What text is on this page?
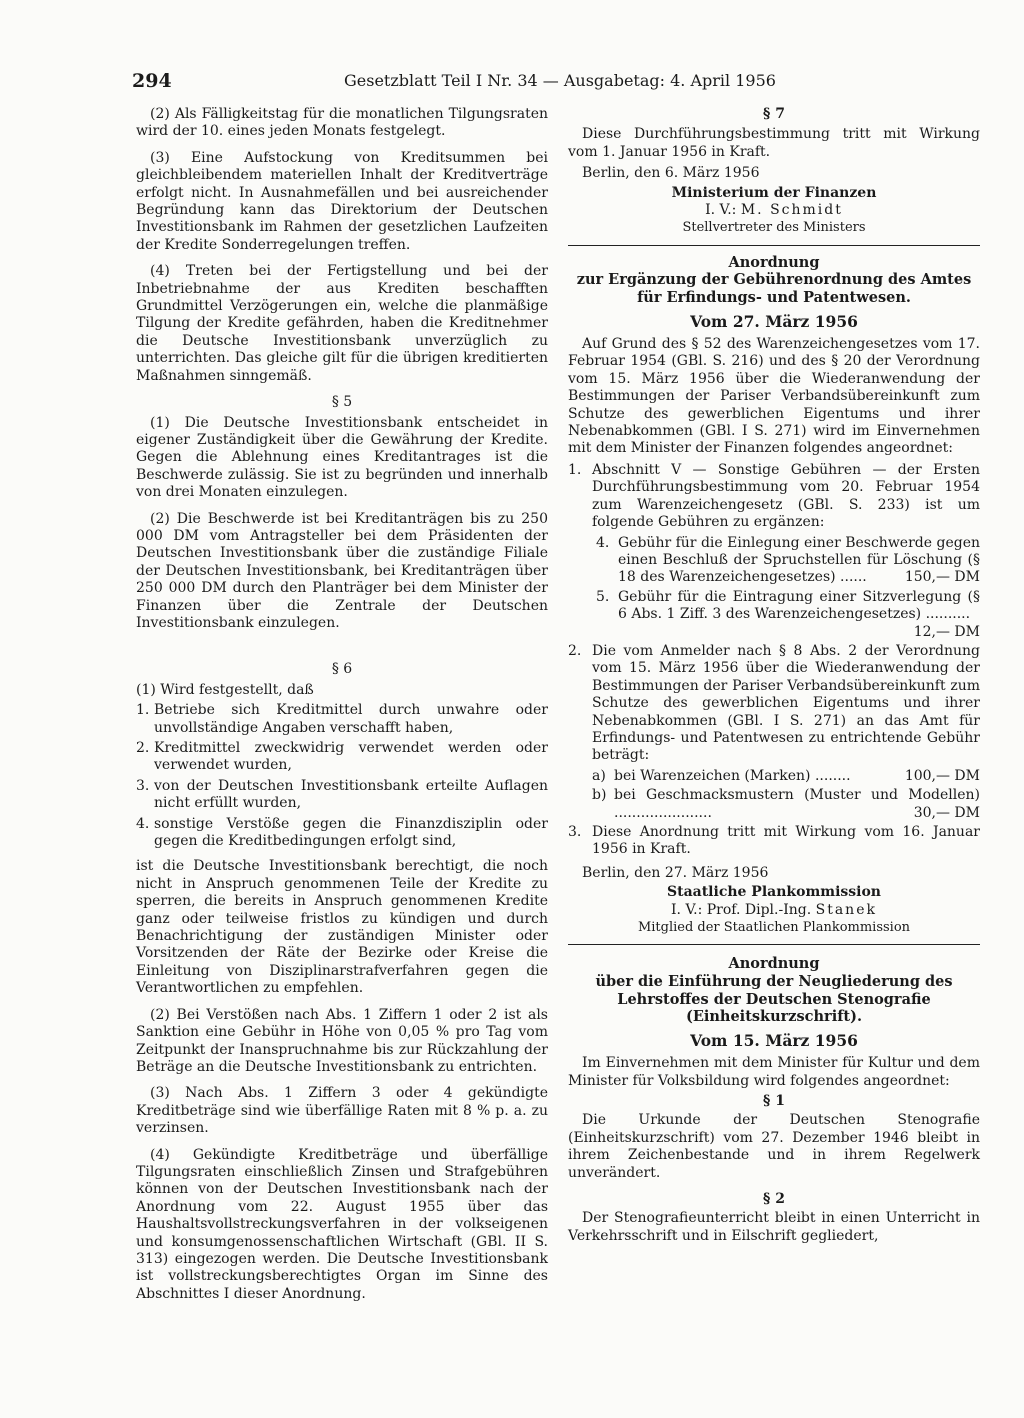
294	Gesetzblatt Teil I Nr. 34 — Ausgabetag: 4. April 1956

(2) Als Fälligkeitstag für die monatlichen Tilgungsraten wird der 10. eines jeden Monats festgelegt.

(3) Eine Aufstockung von Kreditsummen bei gleichbleibendem materiellen Inhalt der Kreditverträge erfolgt nicht. In Ausnahmefällen und bei ausreichender Begründung kann das Direktorium der Deutschen Investitionsbank im Rahmen der gesetzlichen Laufzeiten der Kredite Sonderregelungen treffen.

(4) Treten bei der Fertigstellung und bei der Inbetriebnahme der aus Krediten beschafften Grundmittel Verzögerungen ein, welche die planmäßige Tilgung der Kredite gefährden, haben die Kreditnehmer die Deutsche Investitionsbank unverzüglich zu unterrichten. Das gleiche gilt für die übrigen kreditierten Maßnahmen sinngemäß.

§ 5

(1) Die Deutsche Investitionsbank entscheidet in eigener Zuständigkeit über die Gewährung der Kredite. Gegen die Ablehnung eines Kreditantrages ist die Beschwerde zulässig. Sie ist zu begründen und innerhalb von drei Monaten einzulegen.

(2) Die Beschwerde ist bei Kreditanträgen bis zu 250 000 DM vom Antragsteller bei dem Präsidenten der Deutschen Investitionsbank über die zuständige Filiale der Deutschen Investitionsbank, bei Kreditanträgen über 250 000 DM durch den Planträger bei dem Minister der Finanzen über die Zentrale der Deutschen Investitionsbank einzulegen.

§ 6

(1) Wird festgestellt, daß

1. Betriebe sich Kreditmittel durch unwahre oder unvollständige Angaben verschafft haben,
2. Kreditmittel zweckwidrig verwendet werden oder verwendet wurden,
3. von der Deutschen Investitionsbank erteilte Auflagen nicht erfüllt wurden,
4. sonstige Verstöße gegen die Finanzdisziplin oder gegen die Kreditbedingungen erfolgt sind,

ist die Deutsche Investitionsbank berechtigt, die noch nicht in Anspruch genommenen Teile der Kredite zu sperren, die bereits in Anspruch genommenen Kredite ganz oder teilweise fristlos zu kündigen und durch Benachrichtigung der zuständigen Minister oder Vorsitzenden der Räte der Bezirke oder Kreise die Einleitung von Disziplinarstrafverfahren gegen die Verantwortlichen zu empfehlen.

(2) Bei Verstößen nach Abs. 1 Ziffern 1 oder 2 ist als Sanktion eine Gebühr in Höhe von 0,05 % pro Tag vom Zeitpunkt der Inanspruchnahme bis zur Rückzahlung der Beträge an die Deutsche Investitionsbank zu entrichten.

(3) Nach Abs. 1 Ziffern 3 oder 4 gekündigte Kreditbeträge sind wie überfällige Raten mit 8 % p. a. zu verzinsen.

(4) Gekündigte Kreditbeträge und überfällige Tilgungsraten einschließlich Zinsen und Strafgebühren können von der Deutschen Investitionsbank nach der Anordnung vom 22. August 1955 über das Haushaltsvollstreckungsverfahren in der volkseigenen und konsumgenossenschaftlichen Wirtschaft (GBl. II S. 313) eingezogen werden. Die Deutsche Investitionsbank ist vollstreckungsberechtigtes Organ im Sinne des Abschnittes I dieser Anordnung.

§ 7

Diese Durchführungsbestimmung tritt mit Wirkung vom 1. Januar 1956 in Kraft.

Berlin, den 6. März 1956

Ministerium der Finanzen

I. V.: M. Schmidt

Stellvertreter des Ministers

Anordnung

zur Ergänzung der Gebührenordnung des Amtes für Erfindungs- und Patentwesen.

Vom 27. März 1956

Auf Grund des § 52 des Warenzeichengesetzes vom 17. Februar 1954 (GBl. S. 216) und des § 20 der Verordnung vom 15. März 1956 über die Wiederanwendung der Bestimmungen der Pariser Verbandsübereinkunft zum Schutze des gewerblichen Eigentums und ihrer Nebenabkommen (GBl. I S. 271) wird im Einvernehmen mit dem Minister der Finanzen folgendes angeordnet:

1. Abschnitt V — Sonstige Gebühren — der Ersten Durchführungsbestimmung vom 20. Februar 1954 zum Warenzeichengesetz (GBl. S. 233) ist um folgende Gebühren zu ergänzen:
4. Gebühr für die Einlegung einer Beschwerde gegen einen Beschluß der Spruchstellen für Löschung (§ 18 des Warenzeichengesetzes) ......	150,— DM
5. Gebühr für die Eintragung einer Sitzverlegung (§ 6 Abs. 1 Ziff. 3 des Warenzeichengesetzes) ..........
12,— DM
2. Die vom Anmelder nach § 8 Abs. 2 der Verordnung vom 15. März 1956 über die Wiederanwendung der Bestimmungen der Pariser Verbandsübereinkunft zum Schutze des gewerblichen Eigentums und ihrer Nebenabkommen (GBl. I S. 271) an das Amt für Erfindungs- und Patentwesen zu entrichtende Gebühr beträgt:
a) bei Warenzeichen (Marken) ........	100,— DM
b) bei Geschmacksmustern (Muster und Modellen) ......................	30,— DM
3. Diese Anordnung tritt mit Wirkung vom 16. Januar 1956 in Kraft.

Berlin, den 27. März 1956

Staatliche Plankommission

I. V.: Prof. Dipl.-Ing. Stanek

Mitglied der Staatlichen Plankommission

Anordnung

über die Einführung der Neugliederung des Lehrstoffes der Deutschen Stenografie (Einheitskurzschrift).

Vom 15. März 1956

Im Einvernehmen mit dem Minister für Kultur und dem Minister für Volksbildung wird folgendes angeordnet:

§ 1

Die Urkunde der Deutschen Stenografie (Einheitskurzschrift) vom 27. Dezember 1946 bleibt in ihrem Zeichenbestande und in ihrem Regelwerk unverändert.

§ 2

Der Stenografieunterricht bleibt in einen Unterricht in Verkehrsschrift und in Eilschrift gegliedert,
